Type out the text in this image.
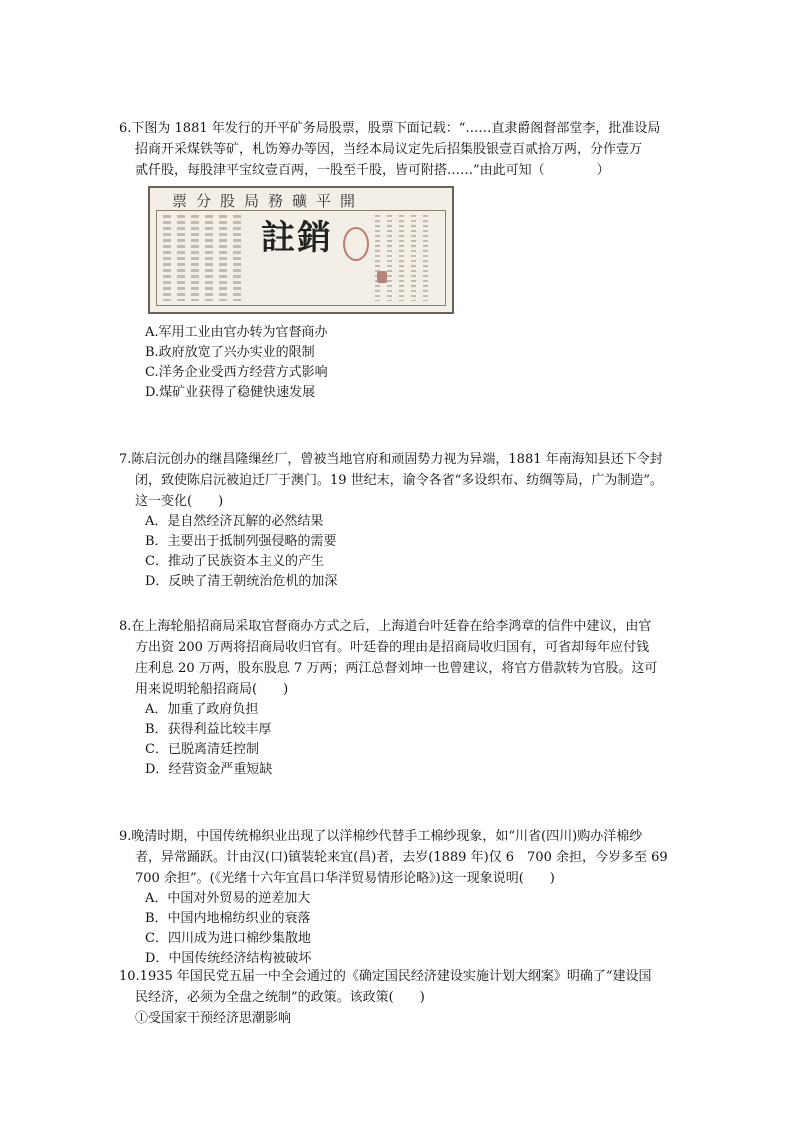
6.下图为 1881 年发行的开平矿务局股票，股票下面记载：“……直隶爵阁督部堂李，批准设局
招商开采煤铁等矿，札饬筹办等因，当经本局议定先后招集股银壹百贰拾万两，分作壹万
贰仟股，每股津平宝纹壹百两，一股至千股，皆可附搭……”由此可知（　　　　）
票分股局務礦平開
註銷
A.军用工业由官办转为官督商办
B.政府放宽了兴办实业的限制
C.洋务企业受西方经营方式影响
D.煤矿业获得了稳健快速发展
7.陈启沅创办的继昌隆缫丝厂，曾被当地官府和顽固势力视为异端，1881 年南海知县还下令封
闭，致使陈启沅被迫迁厂于澳门。19 世纪末，谕令各省“多设织布、纺绸等局，广为制造”。
这一变化(　　)
A．是自然经济瓦解的必然结果
B．主要出于抵制列强侵略的需要
C．推动了民族资本主义的产生
D．反映了清王朝统治危机的加深
8.在上海轮船招商局采取官督商办方式之后，上海道台叶廷眷在给李鸿章的信件中建议，由官
方出资 200 万两将招商局收归官有。叶廷眷的理由是招商局收归国有，可省却每年应付钱
庄利息 20 万两，股东股息 7 万两；两江总督刘坤一也曾建议，将官方借款转为官股。这可
用来说明轮船招商局(　　)
A．加重了政府负担
B．获得利益比较丰厚
C．已脱离清廷控制
D．经营资金严重短缺
9.晚清时期，中国传统棉织业出现了以洋棉纱代替手工棉纱现象，如“川省(四川)购办洋棉纱
者，异常踊跃。计由汉(口)镇装轮来宜(昌)者，去岁(1889 年)仅 6　700 余担，今岁多至 69
700 余担”。(《光绪十六年宜昌口华洋贸易情形论略》)这一现象说明(　　)
A．中国对外贸易的逆差加大
B．中国内地棉纺织业的衰落
C．四川成为进口棉纱集散地
D．中国传统经济结构被破坏
10.1935 年国民党五届一中全会通过的《确定国民经济建设实施计划大纲案》明确了“建设国
民经济，必须为全盘之统制”的政策。该政策(　　)
①受国家干预经济思潮影响
